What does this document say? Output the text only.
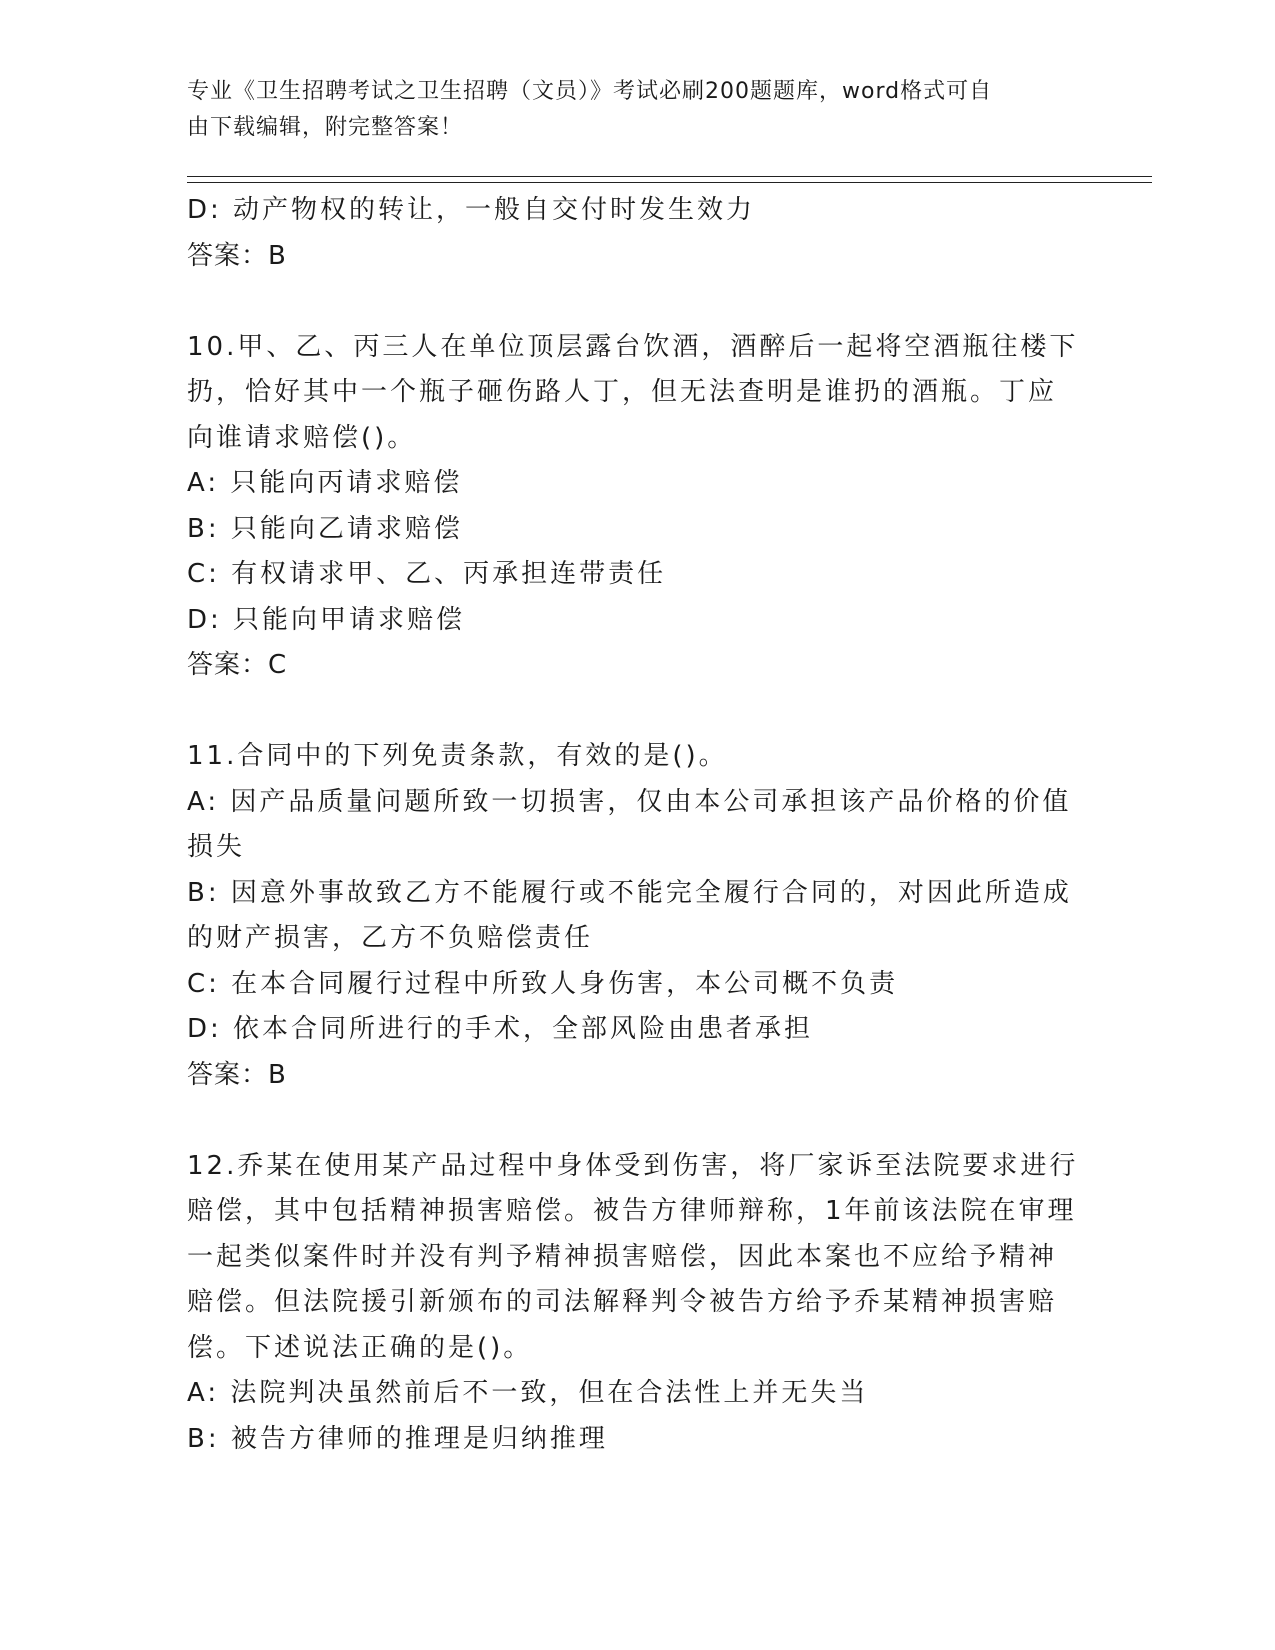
专业《卫生招聘考试之卫生招聘（文员）》考试必刷200题题库，word格式可自
由下载编辑，附完整答案！
D: 动产物权的转让，一般自交付时发生效力
答案：B
10.甲、乙、丙三人在单位顶层露台饮酒，酒醉后一起将空酒瓶往楼下
扔，恰好其中一个瓶子砸伤路人丁，但无法查明是谁扔的酒瓶。丁应
向谁请求赔偿()。
A: 只能向丙请求赔偿
B: 只能向乙请求赔偿
C: 有权请求甲、乙、丙承担连带责任
D: 只能向甲请求赔偿
答案：C
11.合同中的下列免责条款，有效的是()。
A: 因产品质量问题所致一切损害，仅由本公司承担该产品价格的价值
损失
B: 因意外事故致乙方不能履行或不能完全履行合同的，对因此所造成
的财产损害，乙方不负赔偿责任
C: 在本合同履行过程中所致人身伤害，本公司概不负责
D: 依本合同所进行的手术，全部风险由患者承担
答案：B
12.乔某在使用某产品过程中身体受到伤害，将厂家诉至法院要求进行
赔偿，其中包括精神损害赔偿。被告方律师辩称，1年前该法院在审理
一起类似案件时并没有判予精神损害赔偿，因此本案也不应给予精神
赔偿。但法院援引新颁布的司法解释判令被告方给予乔某精神损害赔
偿。下述说法正确的是()。
A: 法院判决虽然前后不一致，但在合法性上并无失当
B: 被告方律师的推理是归纳推理
